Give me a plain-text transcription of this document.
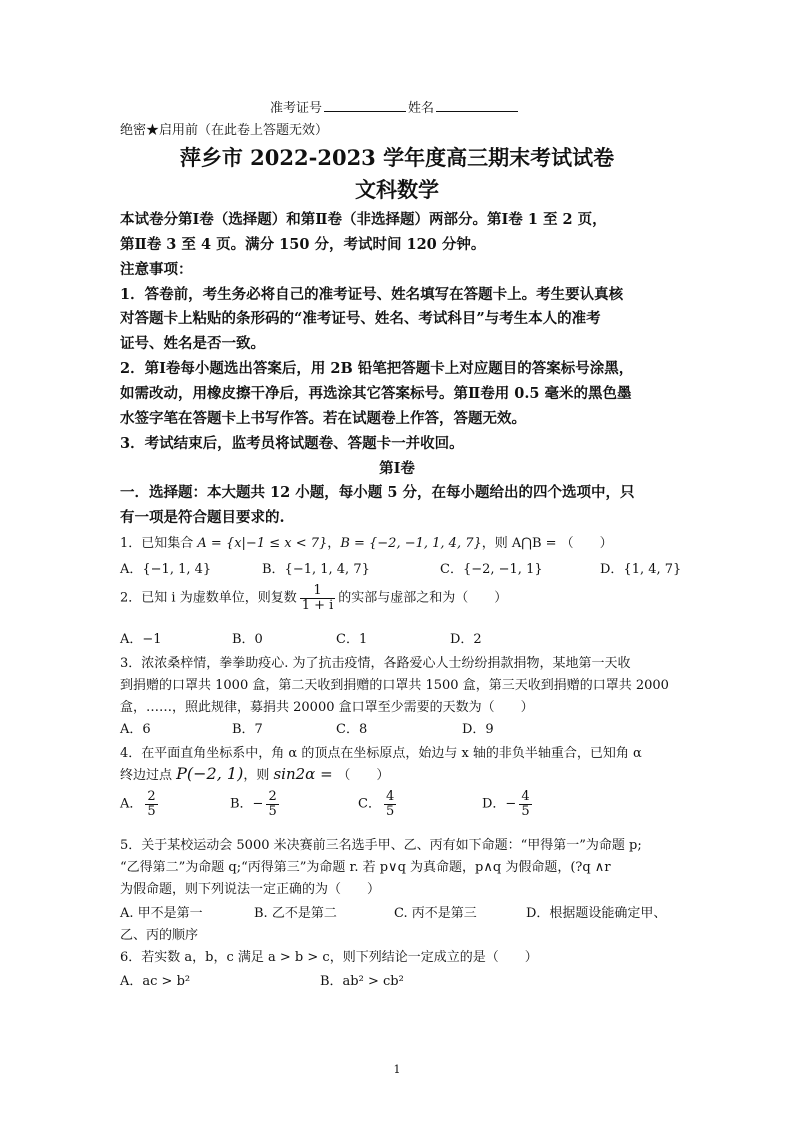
准考证号	姓名
绝密★启用前（在此卷上答题无效）
萍乡市 2022-2023 学年度高三期末考试试卷
文科数学
本试卷分第Ⅰ卷（选择题）和第Ⅱ卷（非选择题）两部分。第Ⅰ卷 1 至 2 页，
第Ⅱ卷 3 至 4 页。满分 150 分，考试时间 120 分钟。
注意事项：
1．答卷前，考生务必将自己的准考证号、姓名填写在答题卡上。考生要认真核
对答题卡上粘贴的条形码的“准考证号、姓名、考试科目”与考生本人的准考
证号、姓名是否一致。
2．第Ⅰ卷每小题选出答案后，用 2B 铅笔把答题卡上对应题目的答案标号涂黑，
如需改动，用橡皮擦干净后，再选涂其它答案标号。第Ⅱ卷用 0.5 毫米的黑色墨
水签字笔在答题卡上书写作答。若在试题卷上作答，答题无效。
3．考试结束后，监考员将试题卷、答题卡一并收回。
第Ⅰ卷
一．选择题：本大题共 12 小题，每小题 5 分，在每小题给出的四个选项中，只
有一项是符合题目要求的.
1．已知集合 A = {x|−1 ≤ x < 7}，B = {−2, −1, 1, 4, 7}，则 A⋂B = （　　）
A．{−1, 1, 4}	B．{−1, 1, 4, 7}	C．{−2, −1, 1}	D．{1, 4, 7}
2．已知 i 为虚数单位，则复数 $\frac{1}{1 + i}$ 的实部与虚部之和为（　　）
A．−1	B．0	C．1	D．2
3．浓浓桑梓情，拳拳助疫心. 为了抗击疫情，各路爱心人士纷纷捐款捐物，某地第一天收
到捐赠的口罩共 1000 盒，第二天收到捐赠的口罩共 1500 盒，第三天收到捐赠的口罩共 2000
盒，……，照此规律，募捐共 20000 盒口罩至少需要的天数为（　　）
A．6	B．7	C．8	D．9
4．在平面直角坐标系中，角 α 的顶点在坐标原点，始边与 x 轴的非负半轴重合，已知角 α
终边过点 P(−2, 1)，则 sin2α = （　　）
A． $\frac{2}{5}$	B．− $\frac{2}{5}$	C． $\frac{4}{5}$	D．− $\frac{4}{5}$
5．关于某校运动会 5000 米决赛前三名选手甲、乙、丙有如下命题：“甲得第一”为命题 p;
“乙得第二”为命题 q;“丙得第三”为命题 r. 若 p∨q 为真命题，p∧q 为假命题，(?q ∧r
为假命题，则下列说法一定正确的为（　　）
A. 甲不是第一	B. 乙不是第二	C. 丙不是第三	D．根据题设能确定甲、
乙、丙的顺序
6．若实数 a，b，c 满足 a > b > c，则下列结论一定成立的是（　　）
A．ac > b²	B．ab² > cb²
1
